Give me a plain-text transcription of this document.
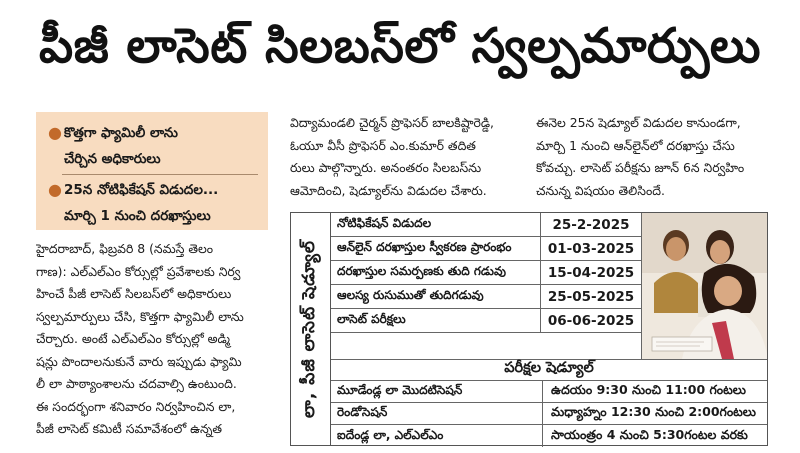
పీజీ లాసెట్ సిలబస్‌లో స్వల్పమార్పులు
● కొత్తగా ఫ్యామిలీ లాను
చేర్చిన అధికారులు
● 25న నోటిఫికేషన్ విడుదల...
మార్చి 1 నుంచి దరఖాస్తులు
హైదరాబాద్, ఫిబ్రవరి 8 (నమస్తే తెలం
గాణ): ఎల్‌ఎల్‌ఎం కోర్సుల్లో ప్రవేశాలకు నిర్వ
హించే పీజీ లాసెట్ సిలబస్‌లో అధికారులు
స్వల్పమార్పులు చేసి, కొత్తగా ఫ్యామిలీ లాను
చేర్చారు. అంటే ఎల్‌ఎల్‌ఎం కోర్సుల్లో అడ్మి
షన్లు పొందాలనుకునే వారు ఇప్పుడు ఫ్యామి
లీ లా పాఠ్యాంశాలను చదవాల్సి ఉంటుంది.
ఈ సందర్భంగా శనివారం నిర్వహించిన లా,
పీజీ లాసెట్ కమిటీ సమావేశంలో ఉన్నత
విద్యామండలి చైర్మన్ ప్రొఫెసర్ బాలకిష్టారెడ్డి,
ఓయూ వీసీ ప్రొఫెసర్ ఎం.కుమార్ తదిత
రులు పాల్గొన్నారు. అనంతరం సిలబస్‌ను
ఆమోదించి, షెడ్యూల్‌ను విడుదల చేశారు.
ఈనెల 25న షెడ్యూల్ విడుదల కానుండగా,
మార్చి 1 నుంచి ఆన్‌లైన్‌లో దరఖాస్తు చేసు
కోవచ్చు. లాసెట్ పరీక్షను జూన్ 6న నిర్వహిం
చనున్న విషయం తెలిసిందే.
లా, పీజీ లాసెట్ షెడ్యూల్
నోటిఫికేషన్ విడుదల	25-2-2025
ఆన్‌లైన్ దరఖాస్తుల స్వీకరణ ప్రారంభం	01-03-2025
దరఖాస్తుల సమర్పణకు తుది గడువు	15-04-2025
ఆలస్య రుసుముతో తుదిగడువు	25-05-2025
లాసెట్ పరీక్షలు	06-06-2025
పరీక్షల షెడ్యూల్
మూడేండ్ల లా మొదటిసెషన్	ఉదయం 9:30 నుంచి 11:00 గంటలు
రెండోసెషన్	మధ్యాహ్నం 12:30 నుంచి 2:00గంటలు
ఐదేండ్ల లా, ఎల్‌ఎల్‌ఎం	సాయంత్రం 4 నుంచి 5:30గంటల వరకు
